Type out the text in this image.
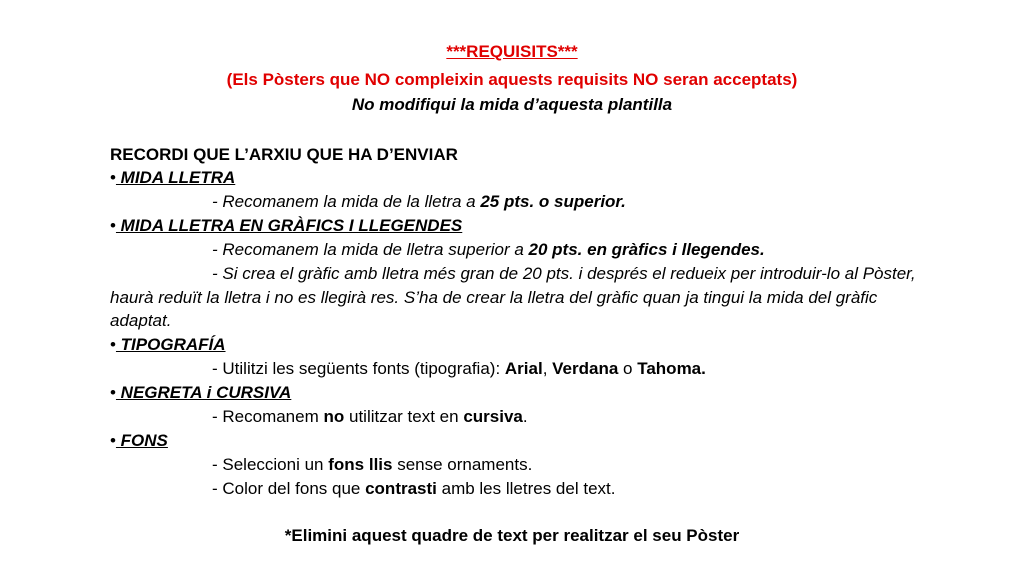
***REQUISITS***
(Els Pòsters que NO compleixin aquests requisits NO seran acceptats)
No modifiqui la mida d’aquesta plantilla
RECORDI QUE L’ARXIU QUE HA D’ENVIAR
• MIDA LLETRA
- Recomanem la mida de la lletra a 25 pts. o superior.
• MIDA LLETRA EN GRÀFICS I LLEGENDES
- Recomanem la mida de lletra superior a 20 pts. en gràfics i llegendes.
- Si crea el gràfic amb lletra més gran de 20 pts. i després el redueix per introduir-lo al Pòster,
haurà reduït la lletra i no es llegirà res. S’ha de crear la lletra del gràfic quan ja tingui la mida del gràfic
adaptat.
• TIPOGRAFÍA
- Utilitzi les següents fonts (tipografia): Arial, Verdana o Tahoma.
• NEGRETA i CURSIVA
- Recomanem no utilitzar text en cursiva.
• FONS
- Seleccioni un fons llis sense ornaments.
- Color del fons que contrasti amb les lletres del text.
*Elimini aquest quadre de text per realitzar el seu Pòster
